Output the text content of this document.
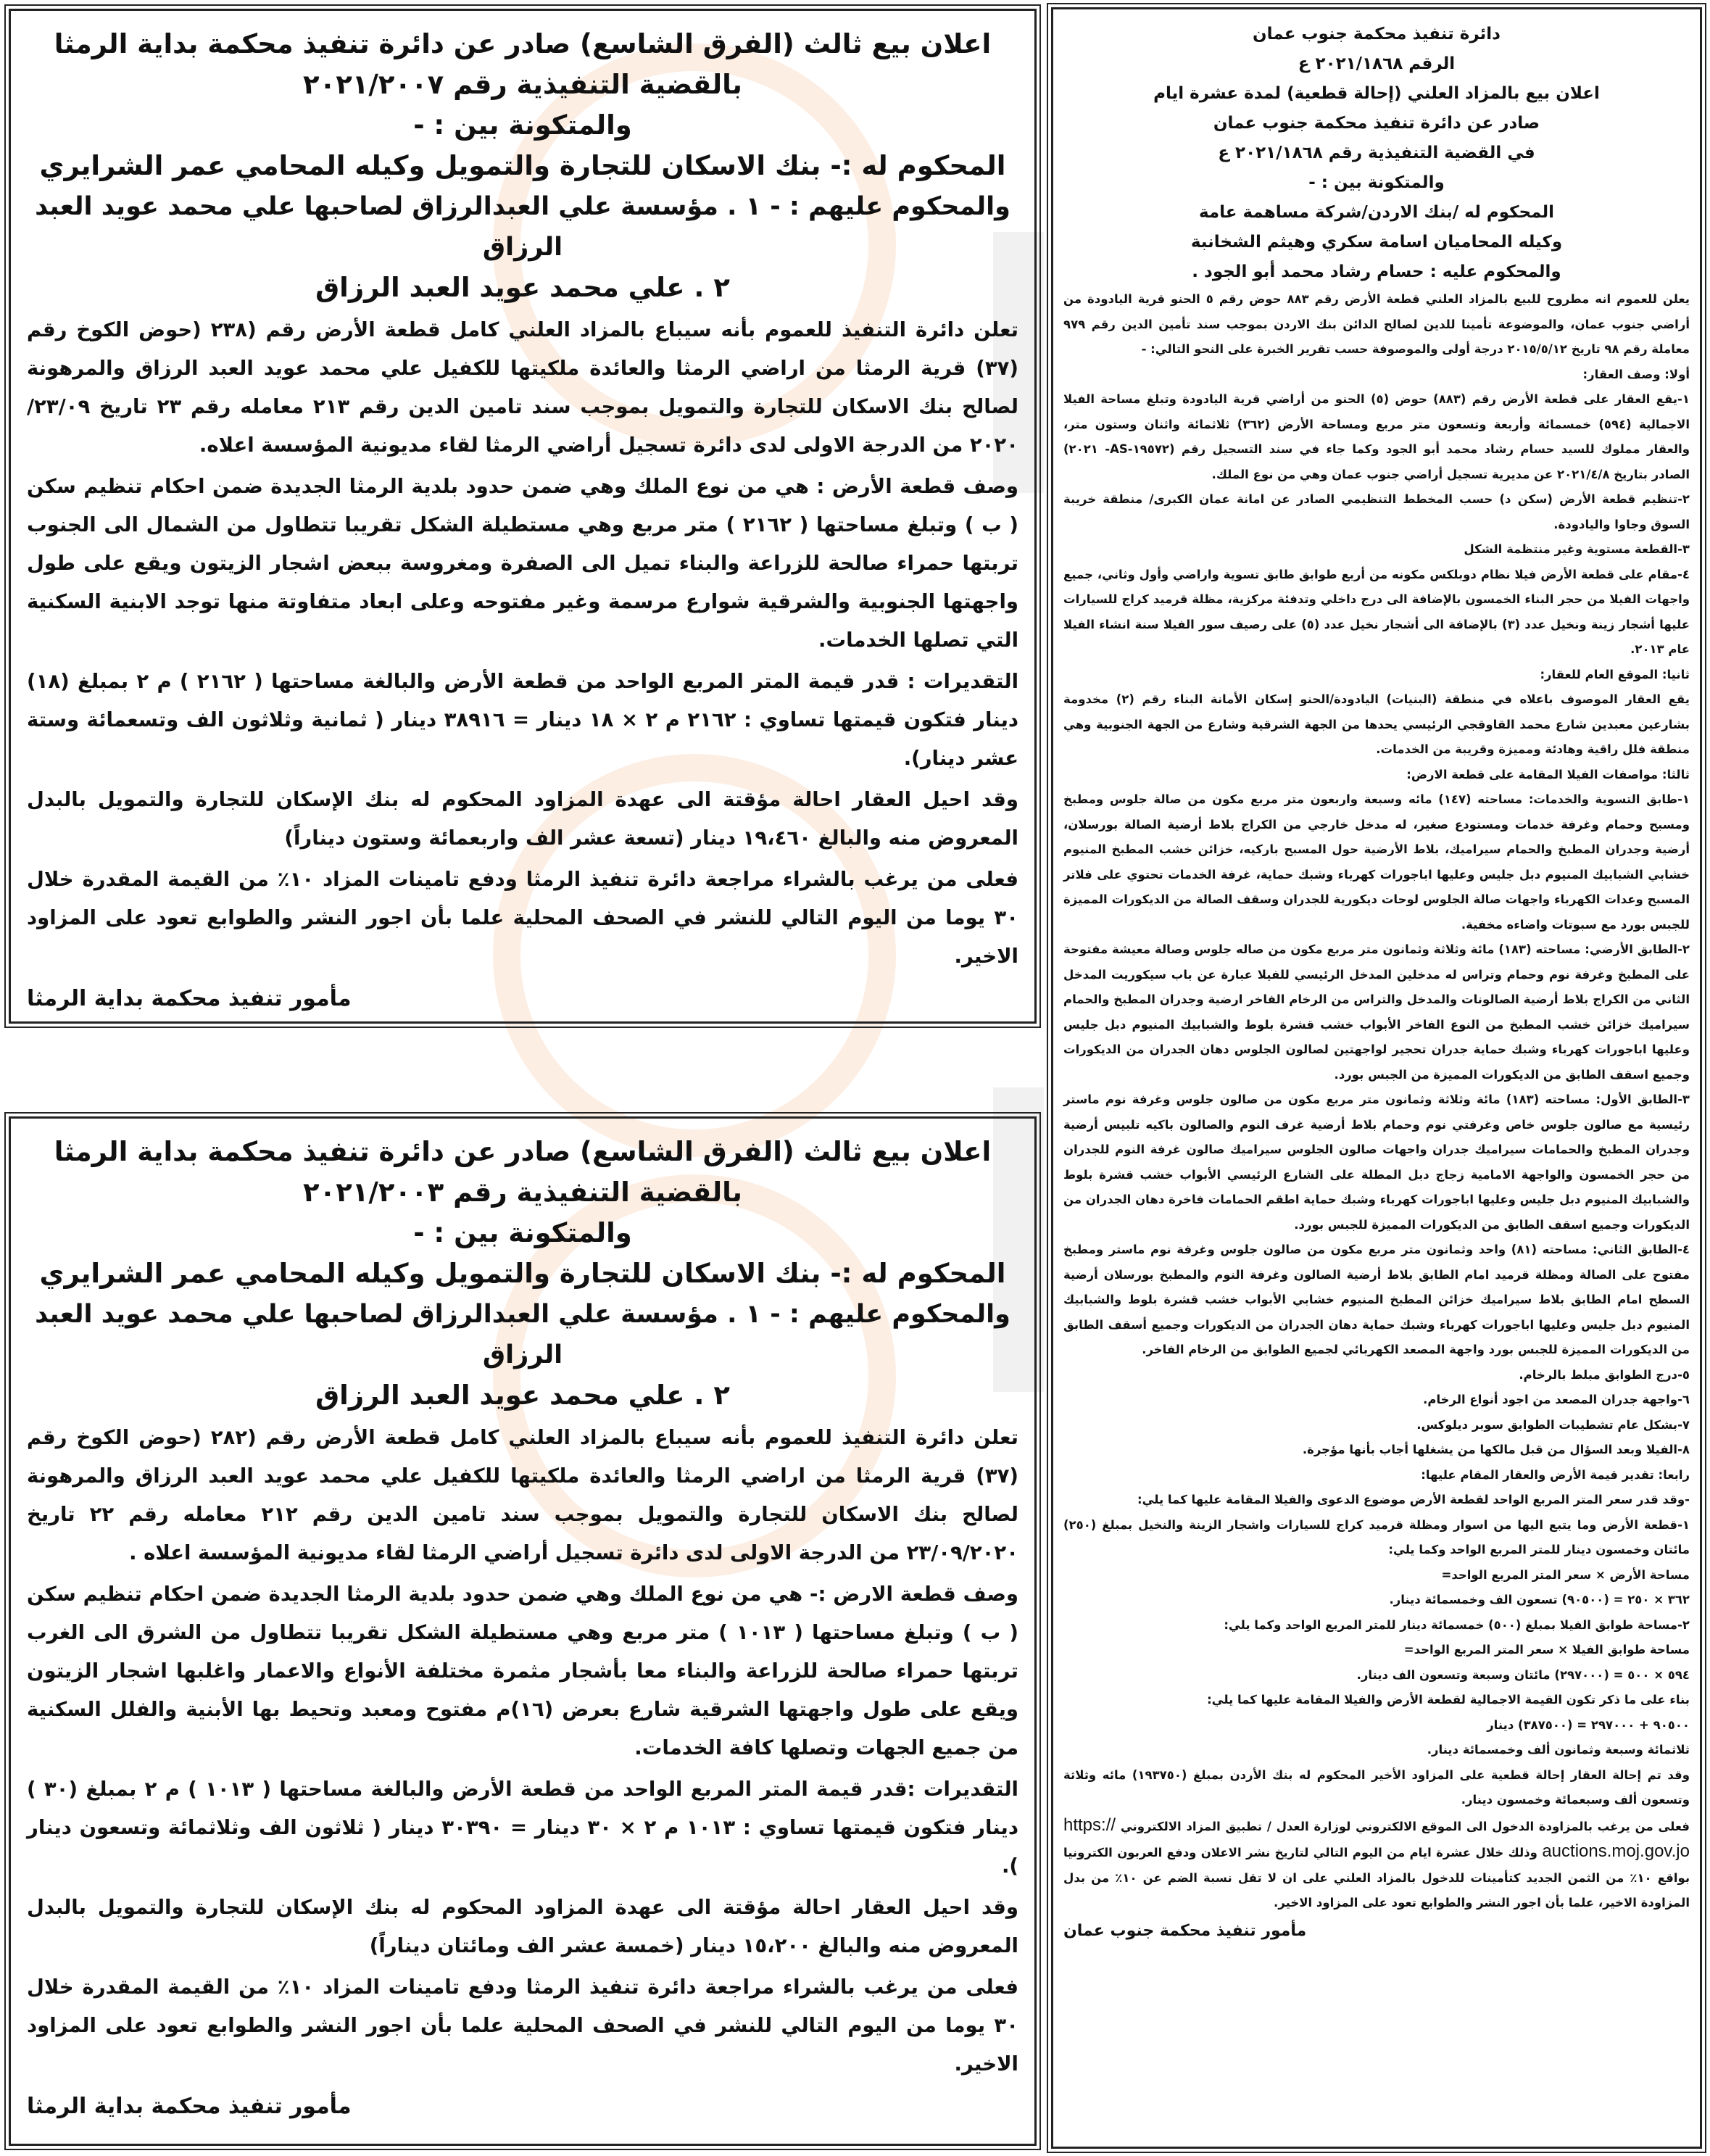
اعلان بيع ثالث (الفرق الشاسع) صادر عن دائرة تنفيذ محكمة بداية الرمثا
بالقضية التنفيذية رقم ٢٠٢١/٢٠٠٧
والمتكونة بين : -
المحكوم له :- بنك الاسكان للتجارة والتمويل وكيله المحامي عمر الشرايري
والمحكوم عليهم : - ١ . مؤسسة علي العبدالرزاق لصاحبها علي محمد عويد العبد الرزاق
٢ . علي محمد عويد العبد الرزاق
تعلن دائرة التنفيذ للعموم بأنه سيباع بالمزاد العلني كامل قطعة الأرض رقم (٢٣٨ (حوض الكوخ رقم (٣٧) قرية الرمثا من اراضي الرمثا والعائدة ملكيتها للكفيل علي محمد عويد العبد الرزاق والمرهونة لصالح بنك الاسكان للتجارة والتمويل بموجب سند تامين الدين رقم ٢١٣ معامله رقم ٢٣ تاريخ ٢٣/٠٩/ ٢٠٢٠ من الدرجة الاولى لدى دائرة تسجيل أراضي الرمثا لقاء مديونية المؤسسة اعلاه.
وصف قطعة الأرض : هي من نوع الملك وهي ضمن حدود بلدية الرمثا الجديدة ضمن احكام تنظيم سكن ( ب ) وتبلغ مساحتها ( ٢١٦٢ ) متر مربع وهي مستطيلة الشكل تقريبا تتطاول من الشمال الى الجنوب تربتها حمراء صالحة للزراعة والبناء تميل الى الصفرة ومغروسة ببعض اشجار الزيتون ويقع على طول واجهتها الجنوبية والشرقية شوارع مرسمة وغير مفتوحه وعلى ابعاد متفاوتة منها توجد الابنية السكنية التي تصلها الخدمات.
التقديرات : قدر قيمة المتر المربع الواحد من قطعة الأرض والبالغة مساحتها ( ٢١٦٢ ) م ٢ بمبلغ (١٨) دينار فتكون قيمتها تساوي : ٢١٦٢ م ٢ × ١٨ دينار = ٣٨٩١٦ دينار ( ثمانية وثلاثون الف وتسعمائة وستة عشر دينار).
وقد احيل العقار احالة مؤقتة الى عهدة المزاود المحكوم له بنك الإسكان للتجارة والتمويل بالبدل المعروض منه والبالغ ١٩،٤٦٠ دينار (تسعة عشر الف واربعمائة وستون ديناراً)
فعلى من يرغب بالشراء مراجعة دائرة تنفيذ الرمثا ودفع تامينات المزاد ١٠٪ من القيمة المقدرة خلال ٣٠ يوما من اليوم التالي للنشر في الصحف المحلية علما بأن اجور النشر والطوابع تعود على المزاود الاخير.
مأمور تنفيذ محكمة بداية الرمثا
اعلان بيع ثالث (الفرق الشاسع) صادر عن دائرة تنفيذ محكمة بداية الرمثا
بالقضية التنفيذية رقم ٢٠٢١/٢٠٠٣
والمتكونة بين : -
المحكوم له :- بنك الاسكان للتجارة والتمويل وكيله المحامي عمر الشرايري
والمحكوم عليهم : - ١ . مؤسسة علي العبدالرزاق لصاحبها علي محمد عويد العبد الرزاق
٢ . علي محمد عويد العبد الرزاق
تعلن دائرة التنفيذ للعموم بأنه سيباع بالمزاد العلني كامل قطعة الأرض رقم (٢٨٢ (حوض الكوخ رقم (٣٧) قرية الرمثا من اراضي الرمثا والعائدة ملكيتها للكفيل علي محمد عويد العبد الرزاق والمرهونة لصالح بنك الاسكان للتجارة والتمويل بموجب سند تامين الدين رقم ٢١٢ معامله رقم ٢٢ تاريخ ٢٣/٠٩/٢٠٢٠ من الدرجة الاولى لدى دائرة تسجيل أراضي الرمثا لقاء مديونية المؤسسة اعلاه .
وصف قطعة الارض :- هي من نوع الملك وهي ضمن حدود بلدية الرمثا الجديدة ضمن احكام تنظيم سكن ( ب ) وتبلغ مساحتها ( ١٠١٣ ) متر مربع وهي مستطيلة الشكل تقريبا تتطاول من الشرق الى الغرب تربتها حمراء صالحة للزراعة والبناء معا بأشجار مثمرة مختلفة الأنواع والاعمار واغلبها اشجار الزيتون ويقع على طول واجهتها الشرقية شارع بعرض (١٦)م مفتوح ومعبد وتحيط بها الأبنية والفلل السكنية من جميع الجهات وتصلها كافة الخدمات.
التقديرات :قدر قيمة المتر المربع الواحد من قطعة الأرض والبالغة مساحتها ( ١٠١٣ ) م ٢ بمبلغ (٣٠ ) دينار فتكون قيمتها تساوي : ١٠١٣ م ٢ × ٣٠ دينار = ٣٠٣٩٠ دينار ( ثلاثون الف وثلاثمائة وتسعون دينار ).
وقد احيل العقار احالة مؤقتة الى عهدة المزاود المحكوم له بنك الإسكان للتجارة والتمويل بالبدل المعروض منه والبالغ ١٥،٢٠٠ دينار (خمسة عشر الف ومائتان ديناراً)
فعلى من يرغب بالشراء مراجعة دائرة تنفيذ الرمثا ودفع تامينات المزاد ١٠٪ من القيمة المقدرة خلال ٣٠ يوما من اليوم التالي للنشر في الصحف المحلية علما بأن اجور النشر والطوابع تعود على المزاود الاخير.
مأمور تنفيذ محكمة بداية الرمثا
دائرة تنفيذ محكمة جنوب عمان
الرقم ٢٠٢١/١٨٦٨ ع
اعلان بيع بالمزاد العلني (إحالة قطعية) لمدة عشرة ايام
صادر عن دائرة تنفيذ محكمة جنوب عمان
في القضية التنفيذية رقم ٢٠٢١/١٨٦٨ ع
والمتكونة بين : -
المحكوم له /بنك الاردن/شركة مساهمة عامة
وكيله المحاميان اسامة سكري وهيثم الشخانبة
والمحكوم عليه : حسام رشاد محمد أبو الجود .
يعلن للعموم انه مطروح للبيع بالمزاد العلني قطعة الأرض رقم ٨٨٣ حوض رقم ٥ الحنو قرية اليادودة من أراضي جنوب عمان، والموضوعة تأمينا للدين لصالح الدائن بنك الاردن بموجب سند تأمين الدين رقم ٩٧٩ معاملة رقم ٩٨ تاريخ ٢٠١٥/٥/١٢ درجة أولى والموصوفة حسب تقرير الخبرة على النحو التالي: -
أولا: وصف العقار:
١-يقع العقار على قطعة الأرض رقم (٨٨٣) حوض (٥) الحنو من أراضي قرية اليادودة وتبلغ مساحة الفيلا الاجمالية (٥٩٤) خمسمائة وأربعة وتسعون متر مربع ومساحة الأرض (٣٦٢) ثلاثمائة واثنان وستون متر، والعقار مملوك للسيد حسام رشاد محمد أبو الجود وكما جاء في سند التسجيل رقم (١٩٥٧٢-AS- ٢٠٢١) الصادر بتاريخ ٢٠٢١/٤/٨ عن مديرية تسجيل أراضي جنوب عمان وهي من نوع الملك.
٢-تنظيم قطعة الأرض (سكن د) حسب المخطط التنظيمي الصادر عن امانة عمان الكبرى/ منطقة خريبة السوق وجاوا واليادودة.
٣-القطعة مستوية وغير منتظمة الشكل
٤-مقام على قطعة الأرض فيلا نظام دوبلكس مكونه من أربع طوابق طابق تسوية واراضي وأول وثاني، جميع واجهات الفيلا من حجر البناء الخمسون بالإضافة الى درج داخلي وتدفئة مركزية، مظلة قرميد كراج للسيارات عليها أشجار زينة ونخيل عدد (٣) بالإضافة الى أشجار نخيل عدد (٥) على رصيف سور الفيلا سنة انشاء الفيلا عام ٢٠١٣.
ثانيا: الموقع العام للعقار:
يقع العقار الموصوف باعلاه في منطقة (البنيات) اليادودة/الحنو إسكان الأمانة البناء رقم (٢) مخدومة بشارعين معبدين شارع محمد القاوقجي الرئيسي يحدها من الجهة الشرقية وشارع من الجهة الجنوبية وهي منطقة فلل راقية وهادئة ومميزة وقريبة من الخدمات.
ثالثا: مواصفات الفيلا المقامة على قطعة الارض:
١-طابق التسوية والخدمات: مساحته (١٤٧) مائه وسبعة واربعون متر مربع مكون من صالة جلوس ومطبخ ومسبح وحمام وغرفة خدمات ومستودع صغير، له مدخل خارجي من الكراج بلاط أرضية الصالة بورسلان، أرضية وجدران المطبخ والحمام سيراميك، بلاط الأرضية حول المسبح باركيه، خزائن خشب المطبخ المنيوم خشابي الشبابيك المنيوم دبل جليس وعليها اباجورات كهرباء وشبك حماية، غرفة الخدمات تحتوي على فلاتر المسبح وعدات الكهرباء واجهات صالة الجلوس لوحات ديكورية للجدران وسقف الصالة من الديكورات المميزة للجبس بورد مع سبوتات واضاءه مخفية.
٢-الطابق الأرضي: مساحته (١٨٣) مائة وثلاثة وثمانون متر مربع مكون من صاله جلوس وصالة معيشة مفتوحة على المطبخ وغرفة نوم وحمام وتراس له مدخلين المدخل الرئيسي للفيلا عبارة عن باب سيكوريت المدخل الثاني من الكراج بلاط أرضية الصالونات والمدخل والتراس من الرخام الفاخر ارضية وجدران المطبخ والحمام سيراميك خزائن خشب المطبخ من النوع الفاخر الأبواب خشب قشرة بلوط والشبابيك المنيوم دبل جليس وعليها اباجورات كهرباء وشبك حماية جدران تحجير لواجهتين لصالون الجلوس دهان الجدران من الديكورات وجميع اسقف الطابق من الديكورات المميزة من الجبس بورد.
٣-الطابق الأول: مساحته (١٨٣) مائة وثلاثة وثمانون متر مربع مكون من صالون جلوس وغرفة نوم ماستر رئيسية مع صالون جلوس خاص وغرفتي نوم وحمام بلاط أرضية غرف النوم والصالون باكيه تلبيس أرضية وجدران المطبخ والحمامات سيراميك جدران واجهات صالون الجلوس سيراميك صالون غرفة النوم للجدران من حجر الخمسون والواجهة الامامية زجاج دبل المطلة على الشارع الرئيسي الأبواب خشب قشرة بلوط والشبابيك المنيوم دبل جليس وعليها اباجورات كهرباء وشبك حماية اطقم الحمامات فاخرة دهان الجدران من الديكورات وجميع اسقف الطابق من الديكورات المميزة للجبس بورد.
٤-الطابق الثاني: مساحته (٨١) واحد وثمانون متر مربع مكون من صالون جلوس وغرفة نوم ماستر ومطبخ مفتوح على الصالة ومظلة قرميد امام الطابق بلاط أرضية الصالون وغرفة النوم والمطبخ بورسلان أرضية السطح امام الطابق بلاط سيراميك خزائن المطبخ المنيوم خشابي الأبواب خشب قشرة بلوط والشبابيك المنيوم دبل جليس وعليها اباجورات كهرباء وشبك حماية دهان الجدران من الديكورات وجميع أسقف الطابق من الديكورات المميزة للجبس بورد واجهة المصعد الكهربائي لجميع الطوابق من الرخام الفاخر.
٥-درج الطوابق مبلط بالرخام.
٦-واجهة جدران المصعد من اجود أنواع الرخام.
٧-بشكل عام تشطيبات الطوابق سوبر ديلوكس.
٨-الفيلا وبعد السؤال من قبل مالكها من يشغلها أجاب بأنها مؤجرة.
رابعا: تقدير قيمة الأرض والعقار المقام عليها:
-وقد قدر سعر المتر المربع الواحد لقطعة الأرض موضوع الدعوى والفيلا المقامة عليها كما يلي:
١-قطعة الأرض وما يتبع اليها من اسوار ومظلة قرميد كراج للسيارات واشجار الزينة والنخيل بمبلغ (٢٥٠) مائتان وخمسون دينار للمتر المربع الواحد وكما يلي:
مساحة الأرض × سعر المتر المربع الواحد=
٣٦٢ × ٢٥٠ = (٩٠٥٠٠) تسعون الف وخمسمائة دينار.
٢-مساحة طوابق الفيلا بمبلغ (٥٠٠) خمسمائة دينار للمتر المربع الواحد وكما يلي:
مساحة طوابق الفيلا × سعر المتر المربع الواحد=
٥٩٤ × ٥٠٠ = (٢٩٧٠٠٠) مائتان وسبعة وتسعون الف دينار.
بناء على ما ذكر تكون القيمة الاجمالية لقطعة الأرض والفيلا المقامة عليها كما يلي:
٩٠٥٠٠ + ٢٩٧٠٠٠ = (٣٨٧٥٠٠) دينار
ثلاثمائة وسبعة وثمانون ألف وخمسمائة دينار.
وقد تم إحالة العقار إحالة قطعية على المزاود الأخير المحكوم له بنك الأردن بمبلغ (١٩٣٧٥٠) مائه وثلاثة وتسعون ألف وسبعمائة وخمسون دينار.
فعلى من يرغب بالمزاودة الدخول الى الموقع الالكتروني لوزارة العدل / تطبيق المزاد الالكتروني https:// auctions.moj.gov.jo وذلك خلال عشرة ايام من اليوم التالي لتاريخ نشر الاعلان ودفع العربون الكترونيا بواقع ١٠٪ من الثمن الجديد كتأمينات للدخول بالمزاد العلني على ان لا تقل نسبة الضم عن ١٠٪ من بدل المزاودة الاخير، علما بأن اجور النشر والطوابع تعود على المزاود الاخير.
مأمور تنفيذ محكمة جنوب عمان
